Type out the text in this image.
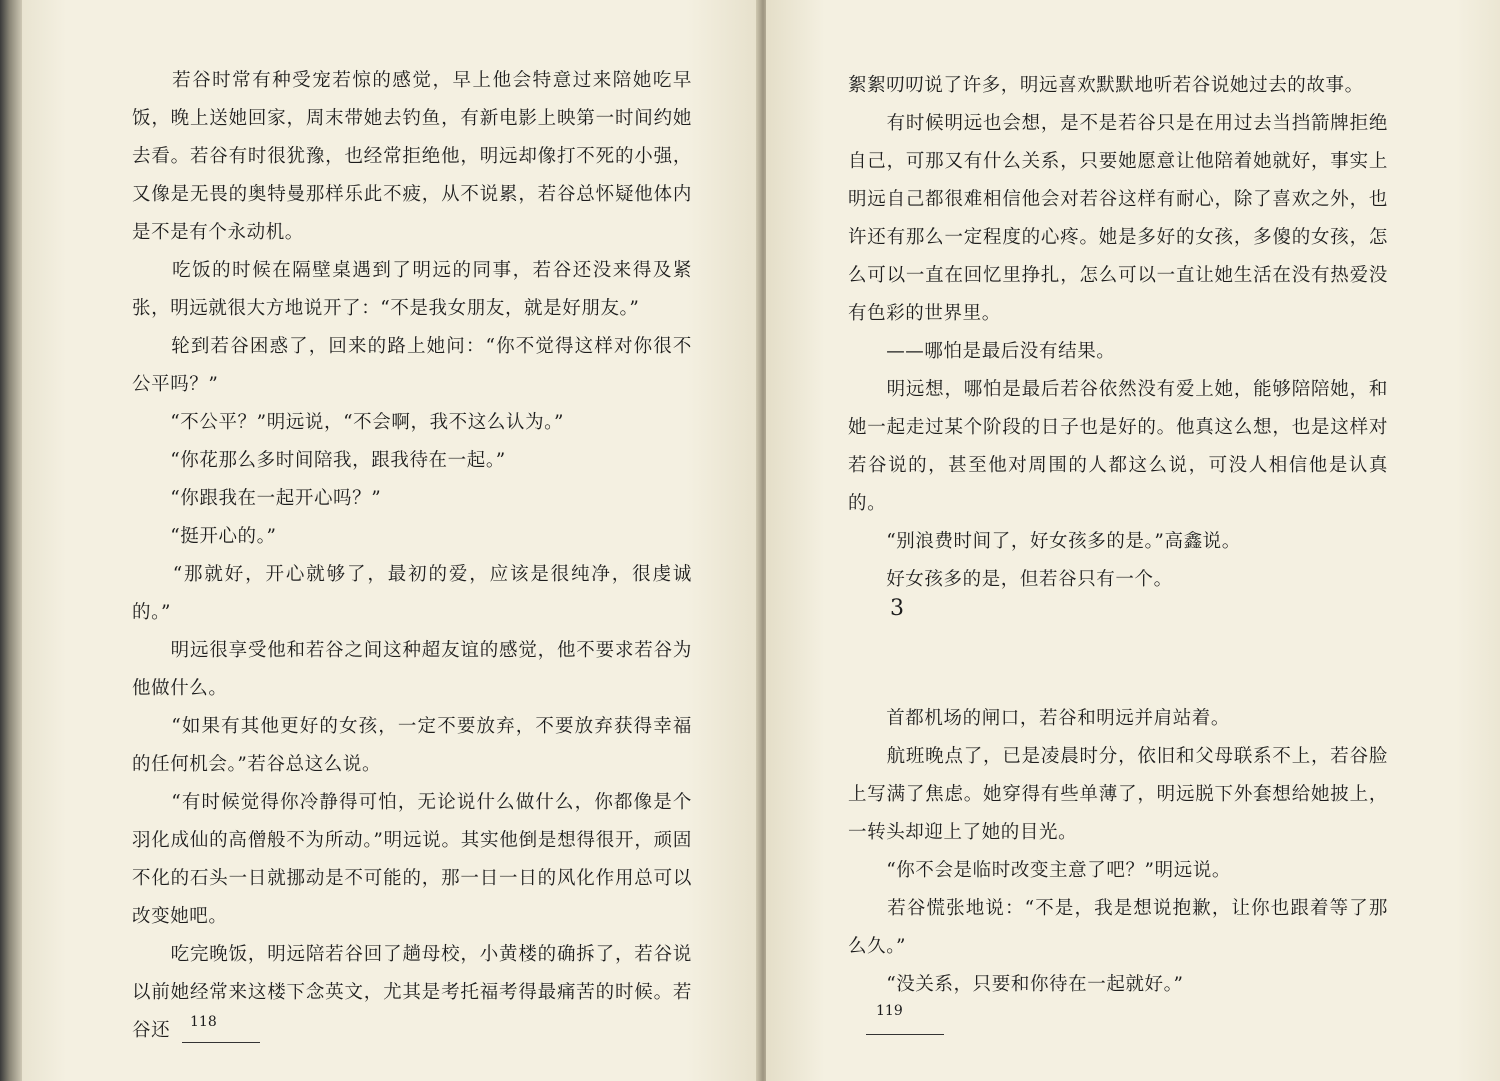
　　若谷时常有种受宠若惊的感觉，早上他会特意过来陪她吃早饭，晚上送她回家，周末带她去钓鱼，有新电影上映第一时间约她去看。若谷有时很犹豫，也经常拒绝他，明远却像打不死的小强，又像是无畏的奥特曼那样乐此不疲，从不说累，若谷总怀疑他体内是不是有个永动机。

　　吃饭的时候在隔壁桌遇到了明远的同事，若谷还没来得及紧张，明远就很大方地说开了：“不是我女朋友，就是好朋友。”

　　轮到若谷困惑了，回来的路上她问：“你不觉得这样对你很不公平吗？”

　　“不公平？”明远说，“不会啊，我不这么认为。”

　　“你花那么多时间陪我，跟我待在一起。”

　　“你跟我在一起开心吗？”

　　“挺开心的。”

　　“那就好，开心就够了，最初的爱，应该是很纯净，很虔诚的。”

　　明远很享受他和若谷之间这种超友谊的感觉，他不要求若谷为他做什么。

　　“如果有其他更好的女孩，一定不要放弃，不要放弃获得幸福的任何机会。”若谷总这么说。

　　“有时候觉得你冷静得可怕，无论说什么做什么，你都像是个羽化成仙的高僧般不为所动。”明远说。其实他倒是想得很开，顽固不化的石头一日就挪动是不可能的，那一日一日的风化作用总可以改变她吧。

　　吃完晚饭，明远陪若谷回了趟母校，小黄楼的确拆了，若谷说以前她经常来这楼下念英文，尤其是考托福考得最痛苦的时候。若谷还	118

絮絮叨叨说了许多，明远喜欢默默地听若谷说她过去的故事。

　　有时候明远也会想，是不是若谷只是在用过去当挡箭牌拒绝自己，可那又有什么关系，只要她愿意让他陪着她就好，事实上明远自己都很难相信他会对若谷这样有耐心，除了喜欢之外，也许还有那么一定程度的心疼。她是多好的女孩，多傻的女孩，怎么可以一直在回忆里挣扎，怎么可以一直让她生活在没有热爱没有色彩的世界里。

　　——哪怕是最后没有结果。

　　明远想，哪怕是最后若谷依然没有爱上她，能够陪陪她，和她一起走过某个阶段的日子也是好的。他真这么想，也是这样对若谷说的，甚至他对周围的人都这么说，可没人相信他是认真的。

　　“别浪费时间了，好女孩多的是。”高鑫说。

　　好女孩多的是，但若谷只有一个。

3

　　首都机场的闸口，若谷和明远并肩站着。

　　航班晚点了，已是凌晨时分，依旧和父母联系不上，若谷脸上写满了焦虑。她穿得有些单薄了，明远脱下外套想给她披上，一转头却迎上了她的目光。

　　“你不会是临时改变主意了吧？”明远说。

　　若谷慌张地说：“不是，我是想说抱歉，让你也跟着等了那么久。”

　　“没关系，只要和你待在一起就好。”

119
